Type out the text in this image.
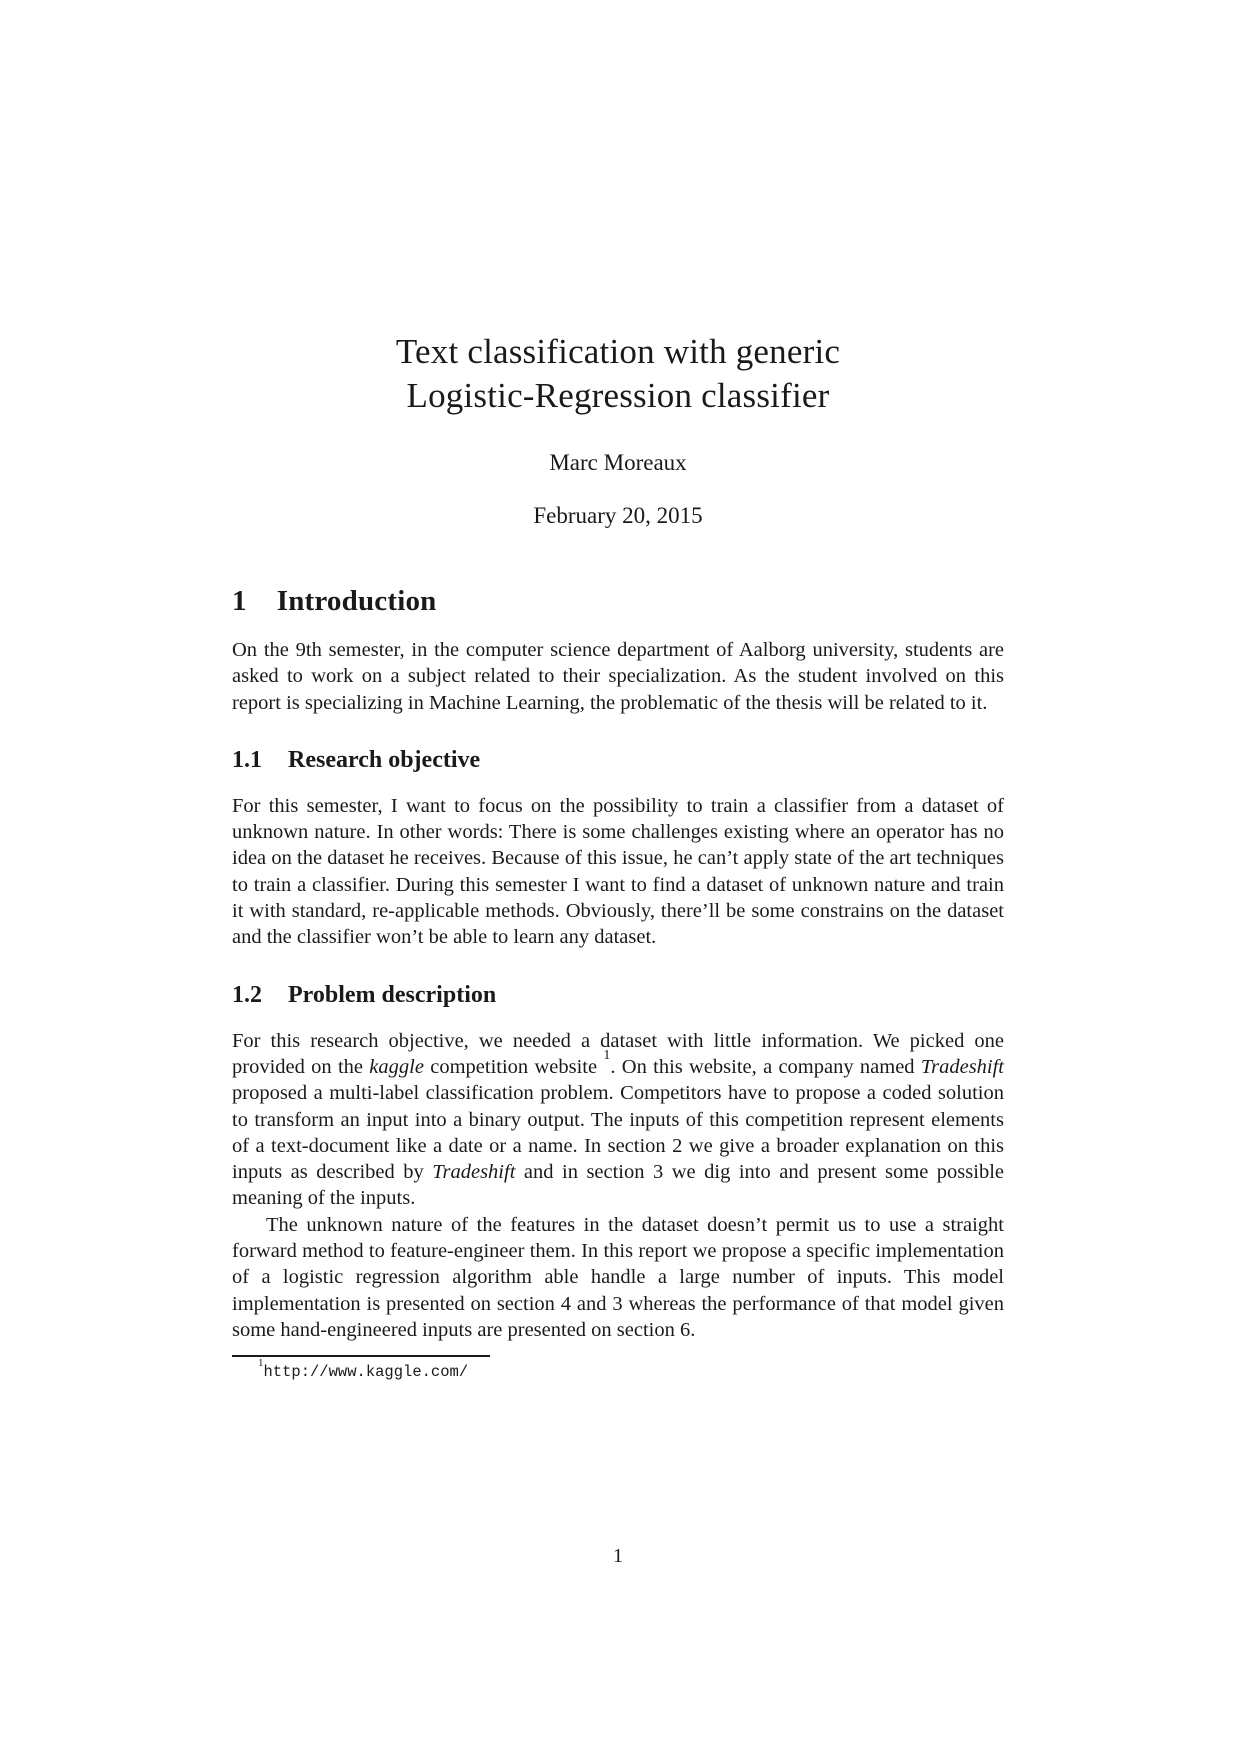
Text classification with generic
Logistic-Regression classifier
Marc Moreaux
February 20, 2015
1 Introduction

On the 9th semester, in the computer science department of Aalborg university, students are asked to work on a subject related to their specialization. As the student involved on this report is specializing in Machine Learning, the problematic of the thesis will be related to it.

1.1 Research objective

For this semester, I want to focus on the possibility to train a classifier from a dataset of unknown nature. In other words: There is some challenges existing where an operator has no idea on the dataset he receives. Because of this issue, he can’t apply state of the art techniques to train a classifier. During this semester I want to find a dataset of unknown nature and train it with standard, re-applicable methods. Obviously, there’ll be some constrains on the dataset and the classifier won’t be able to learn any dataset.

1.2 Problem description

For this research objective, we needed a dataset with little information. We picked one provided on the kaggle competition website $^1$. On this website, a company named Tradeshift proposed a multi-label classification problem. Competitors have to propose a coded solution to transform an input into a binary output. The inputs of this competition represent elements of a text-document like a date or a name. In section 2 we give a broader explanation on this inputs as described by Tradeshift and in section 3 we dig into and present some possible meaning of the inputs.

The unknown nature of the features in the dataset doesn’t permit us to use a straight forward method to feature-engineer them. In this report we propose a specific implementation of a logistic regression algorithm able handle a large number of inputs. This model implementation is presented on section 4 and 3 whereas the performance of that model given some hand-engineered inputs are presented on section 6.

$^1$http://www.kaggle.com/
1
